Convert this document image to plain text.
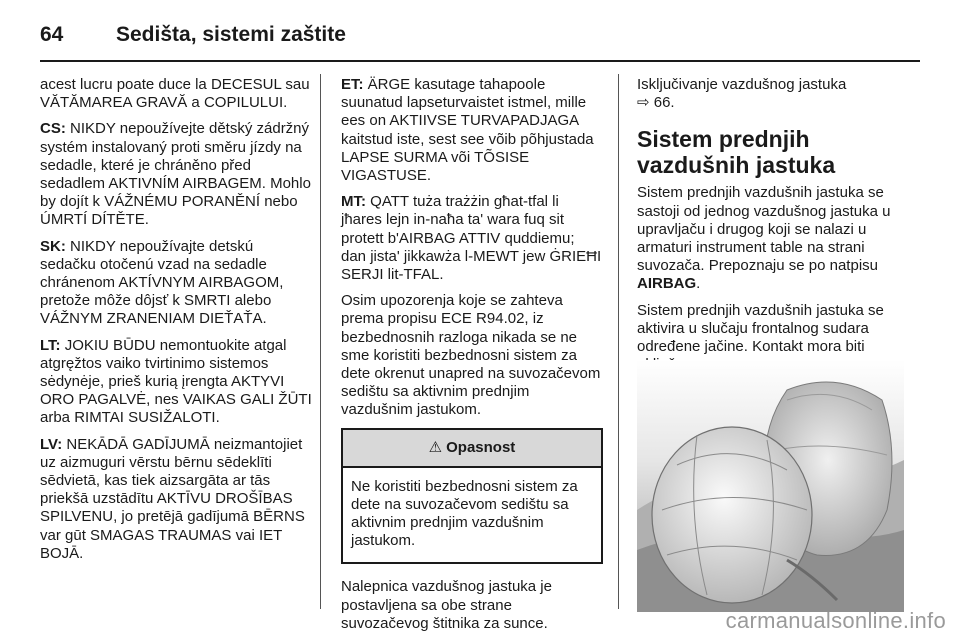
64	Sedišta, sistemi zaštite

acest lucru poate duce la DECESUL sau VĂTĂMAREA GRAVĂ a COPILULUI.

CS: NIKDY nepoužívejte dětský zádržný systém instalovaný proti směru jízdy na sedadle, které je chráněno před sedadlem AKTIVNÍM AIRBAGEM. Mohlo by dojít k VÁŽNÉMU PORANĚNÍ nebo ÚMRTÍ DÍTĚTE.

SK: NIKDY nepoužívajte detskú sedačku otočenú vzad na sedadle chránenom AKTÍVNYM AIRBAGOM, pretože môže dôjsť k SMRTI alebo VÁŽNYM ZRANENIAM DIEŤAŤA.

LT: JOKIU BŪDU nemontuokite atgal atgręžtos vaiko tvirtinimo sistemos sėdynėje, prieš kurią įrengta AKTYVI ORO PAGALVĖ, nes VAIKAS GALI ŽŪTI arba RIMTAI SUSIŽALOTI.

LV: NEKĀDĀ GADĪJUMĀ neizmantojiet uz aizmuguri vērstu bērnu sēdeklīti sēdvietā, kas tiek aizsargāta ar tās priekšā uzstādītu AKTĪVU DROŠĪBAS SPILVENU, jo pretējā gadījumā BĒRNS var gūt SMAGAS TRAUMAS vai IET BOJĀ.

ET: ÄRGE kasutage tahapoole suunatud lapseturvaistet istmel, mille ees on AKTIIVSE TURVAPADJAGA kaitstud iste, sest see võib põhjustada LAPSE SURMA või TÕSISE VIGASTUSE.

MT: QATT tuża trażżin għat-tfal li jħares lejn in-naħa ta' wara fuq sit protett b'AIRBAG ATTIV quddiemu; dan jista' jikkawża l-MEWT jew ĠRIEĦI SERJI lit-TFAL.

Osim upozorenja koje se zahteva prema propisu ECE R94.02, iz bezbednosnih razloga nikada se ne sme koristiti bezbednosni sistem za dete okrenut unapred na suvozačevom sedištu sa aktivnim prednjim vazdušnim jastukom.

⚠ Opasnost
Ne koristiti bezbednosni sistem za dete na suvozačevom sedištu sa aktivnim prednjim vazdušnim jastukom.

Nalepnica vazdušnog jastuka je postavljena sa obe strane suvozačevog štitnika za sunce.

Isključivanje vazdušnog jastuka
⇨ 66.

Sistem prednjih vazdušnih jastuka

Sistem prednjih vazdušnih jastuka se sastoji od jednog vazdušnog jastuka u upravljaču i drugog koji se nalazi u armaturi instrument table na strani suvozača. Prepoznaju se po natpisu AIRBAG.

Sistem prednjih vazdušnih jastuka se aktivira u slučaju frontalnog sudara određene jačine. Kontakt mora biti

carmanualsonline.info
